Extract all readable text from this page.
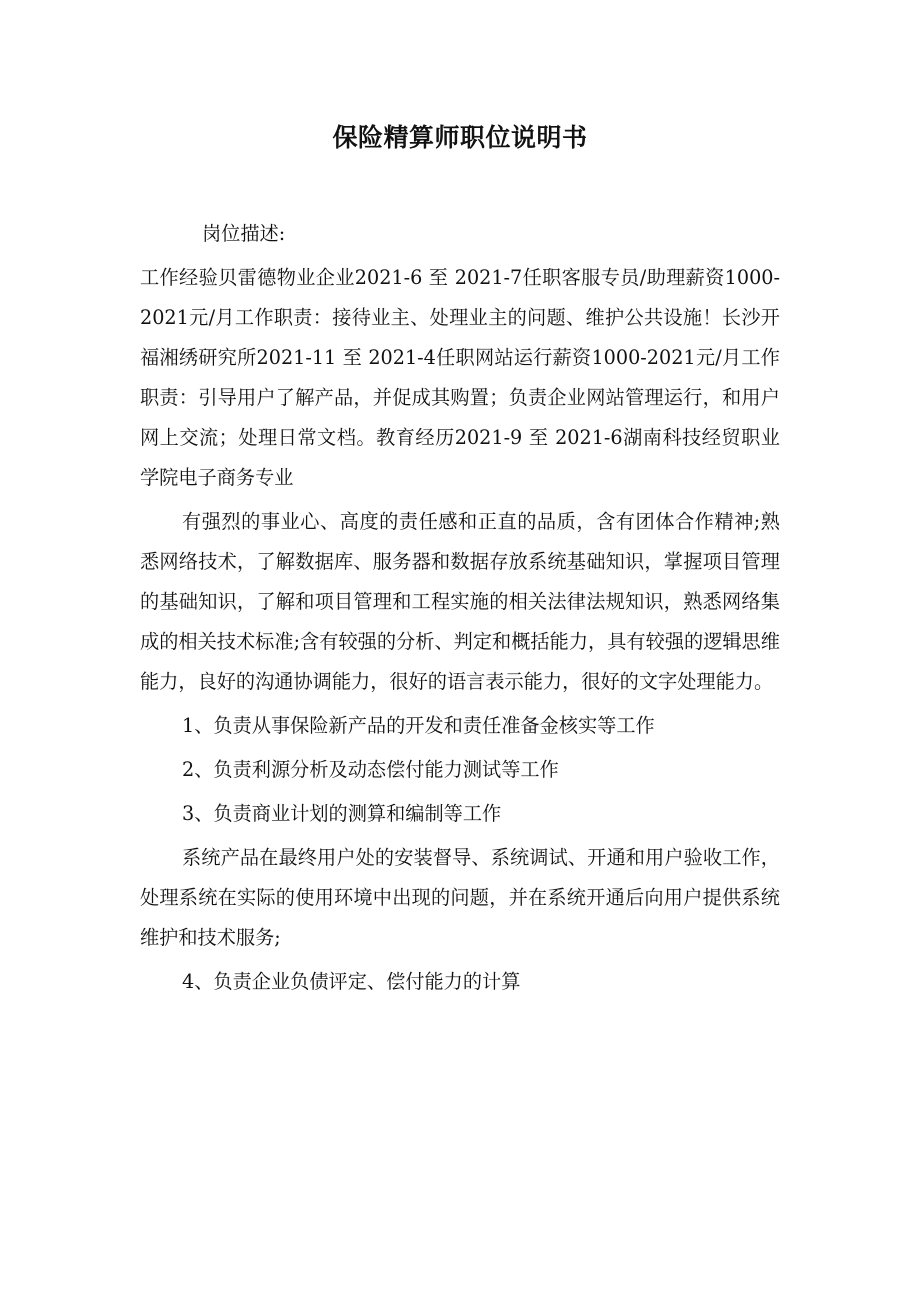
保险精算师职位说明书

岗位描述:

工作经验贝雷德物业企业2021-6 至 2021-7任职客服专员/助理薪资1000-2021元/月工作职责：接待业主、处理业主的问题、维护公共设施！长沙开福湘绣研究所2021-11 至 2021-4任职网站运行薪资1000-2021元/月工作职责：引导用户了解产品，并促成其购置；负责企业网站管理运行，和用户网上交流；处理日常文档。教育经历2021-9 至 2021-6湖南科技经贸职业学院电子商务专业

有强烈的事业心、高度的责任感和正直的品质，含有团体合作精神;熟悉网络技术，了解数据库、服务器和数据存放系统基础知识，掌握项目管理的基础知识，了解和项目管理和工程实施的相关法律法规知识，熟悉网络集成的相关技术标准;含有较强的分析、判定和概括能力，具有较强的逻辑思维能力，良好的沟通协调能力，很好的语言表示能力，很好的文字处理能力。

1、负责从事保险新产品的开发和责任准备金核实等工作

2、负责利源分析及动态偿付能力测试等工作

3、负责商业计划的测算和编制等工作

系统产品在最终用户处的安装督导、系统调试、开通和用户验收工作，处理系统在实际的使用环境中出现的问题，并在系统开通后向用户提供系统维护和技术服务;

4、负责企业负债评定、偿付能力的计算
